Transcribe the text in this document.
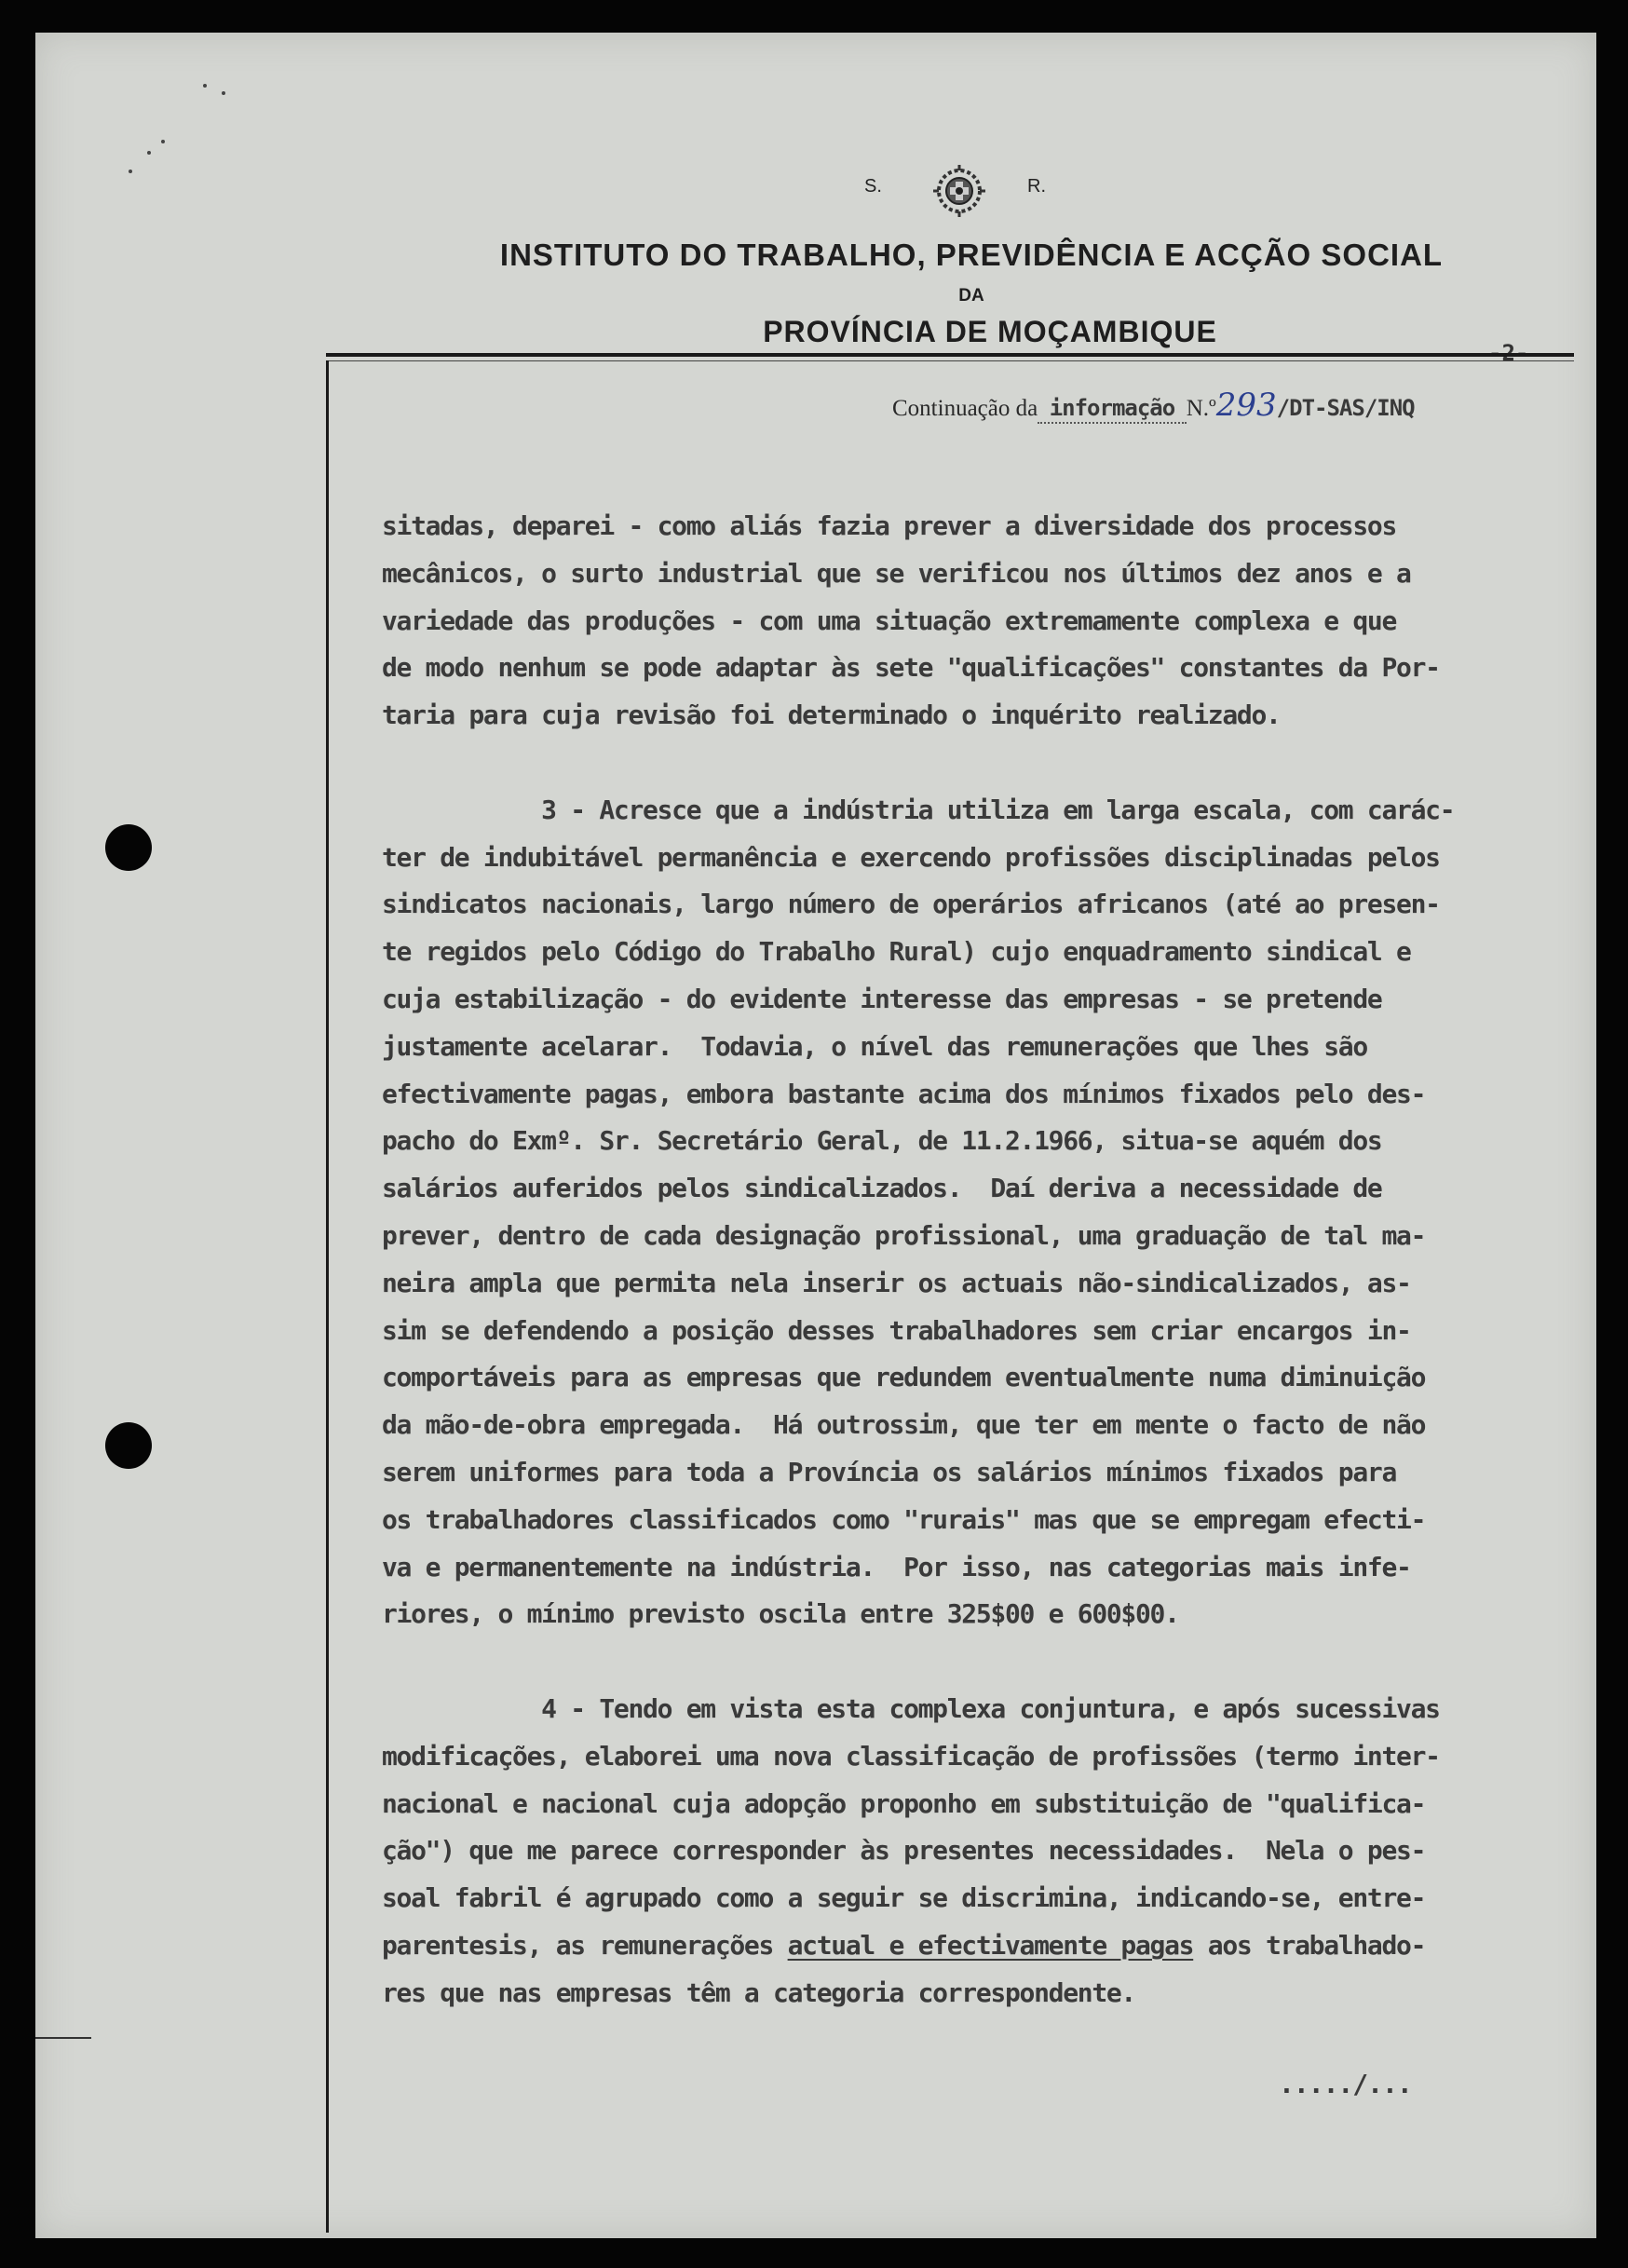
S.	R.
INSTITUTO DO TRABALHO, PREVIDÊNCIA E ACÇÃO SOCIAL
DA
PROVÍNCIA DE MOÇAMBIQUE
Continuação da informação N.º293/DT-SAS/INQ
sitadas, deparei - como aliás fazia prever a diversidade dos processos
mecânicos, o surto industrial que se verificou nos últimos dez anos e a
variedade das produções - com uma situação extremamente complexa e que
de modo nenhum se pode adaptar às sete "qualificações" constantes da Por-
taria para cuja revisão foi determinado o inquérito realizado.
3 - Acresce que a indústria utiliza em larga escala, com carác-
ter de indubitável permanência e exercendo profissões disciplinadas pelos
sindicatos nacionais, largo número de operários africanos (até ao presen-
te regidos pelo Código do Trabalho Rural) cujo enquadramento sindical e
cuja estabilização - do evidente interesse das empresas - se pretende
justamente acelarar.  Todavia, o nível das remunerações que lhes são
efectivamente pagas, embora bastante acima dos mínimos fixados pelo des-
pacho do Exmº. Sr. Secretário Geral, de 11.2.1966, situa-se aquém dos
salários auferidos pelos sindicalizados.  Daí deriva a necessidade de
prever, dentro de cada designação profissional, uma graduação de tal ma-
neira ampla que permita nela inserir os actuais não-sindicalizados, as-
sim se defendendo a posição desses trabalhadores sem criar encargos in-
comportáveis para as empresas que redundem eventualmente numa diminuição
da mão-de-obra empregada.  Há outrossim, que ter em mente o facto de não
serem uniformes para toda a Província os salários mínimos fixados para
os trabalhadores classificados como "rurais" mas que se empregam efecti-
va e permanentemente na indústria.  Por isso, nas categorias mais infe-
riores, o mínimo previsto oscila entre 325$00 e 600$00.
4 - Tendo em vista esta complexa conjuntura, e após sucessivas
modificações, elaborei uma nova classificação de profissões (termo inter-
nacional e nacional cuja adopção proponho em substituição de "qualifica-
ção") que me parece corresponder às presentes necessidades.  Nela o pes-
soal fabril é agrupado como a seguir se discrimina, indicando-se, entre-
parentesis, as remunerações actual e efectivamente pagas aos trabalhado-
res que nas empresas têm a categoria correspondente.
...../...
